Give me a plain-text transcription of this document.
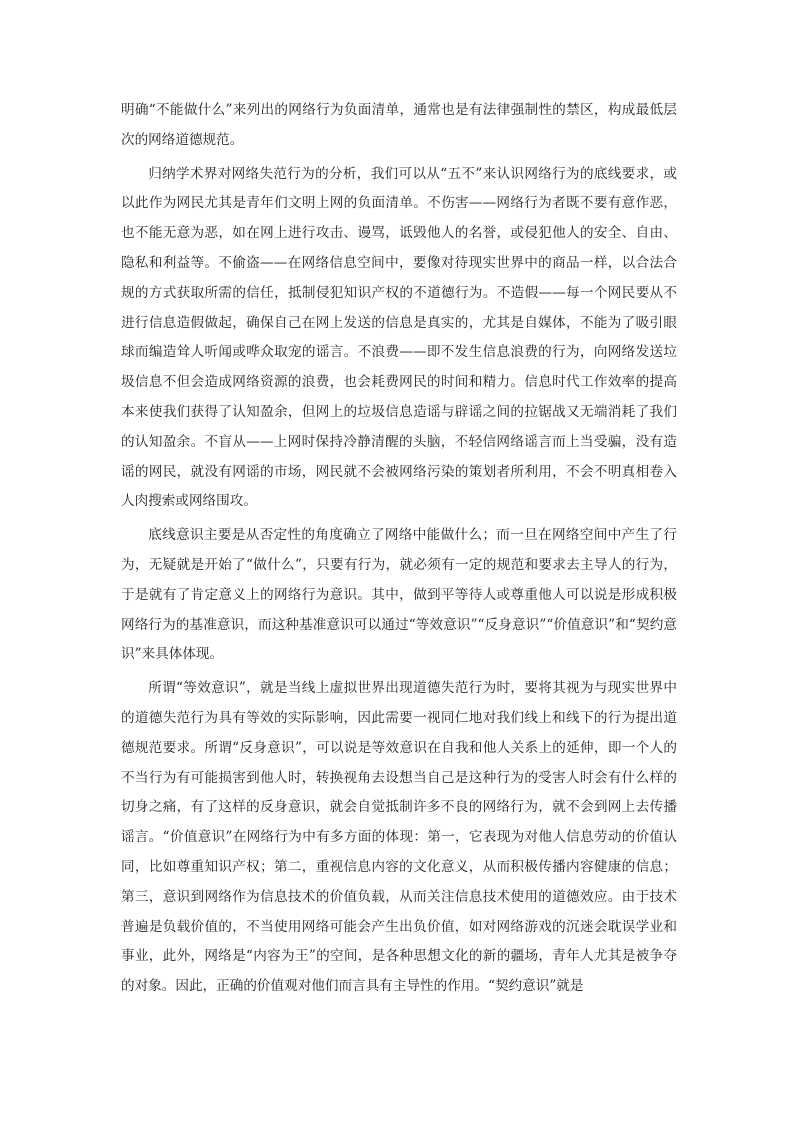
明确“不能做什么”来列出的网络行为负面清单，通常也是有法律强制性的禁区，构成最低层次的网络道德规范。

归纳学术界对网络失范行为的分析，我们可以从“五不”来认识网络行为的底线要求，或以此作为网民尤其是青年们文明上网的负面清单。不伤害——网络行为者既不要有意作恶，也不能无意为恶，如在网上进行攻击、谩骂，诋毁他人的名誉，或侵犯他人的安全、自由、隐私和利益等。不偷盗——在网络信息空间中，要像对待现实世界中的商品一样，以合法合规的方式获取所需的信任，抵制侵犯知识产权的不道德行为。不造假——每一个网民要从不进行信息造假做起，确保自己在网上发送的信息是真实的，尤其是自媒体，不能为了吸引眼球而编造耸人听闻或哗众取宠的谣言。不浪费——即不发生信息浪费的行为，向网络发送垃圾信息不但会造成网络资源的浪费，也会耗费网民的时间和精力。信息时代工作效率的提高本来使我们获得了认知盈余，但网上的垃圾信息造谣与辟谣之间的拉锯战又无端消耗了我们的认知盈余。不盲从——上网时保持冷静清醒的头脑，不轻信网络谣言而上当受骗，没有造谣的网民，就没有网谣的市场，网民就不会被网络污染的策划者所利用，不会不明真相卷入人肉搜索或网络围攻。

底线意识主要是从否定性的角度确立了网络中能做什么；而一旦在网络空间中产生了行为，无疑就是开始了“做什么”，只要有行为，就必须有一定的规范和要求去主导人的行为，于是就有了肯定意义上的网络行为意识。其中，做到平等待人或尊重他人可以说是形成积极网络行为的基准意识，而这种基准意识可以通过“等效意识”“反身意识”“价值意识”和“契约意识”来具体体现。

所谓“等效意识”，就是当线上虚拟世界出现道德失范行为时，要将其视为与现实世界中的道德失范行为具有等效的实际影响，因此需要一视同仁地对我们线上和线下的行为提出道德规范要求。所谓“反身意识”，可以说是等效意识在自我和他人关系上的延伸，即一个人的不当行为有可能损害到他人时，转换视角去设想当自己是这种行为的受害人时会有什么样的切身之痛，有了这样的反身意识，就会自觉抵制许多不良的网络行为，就不会到网上去传播谣言。“价值意识”在网络行为中有多方面的体现：第一，它表现为对他人信息劳动的价值认同，比如尊重知识产权；第二，重视信息内容的文化意义，从而积极传播内容健康的信息；第三，意识到网络作为信息技术的价值负载，从而关注信息技术使用的道德效应。由于技术普遍是负载价值的，不当使用网络可能会产生出负价值，如对网络游戏的沉迷会耽误学业和事业，此外，网络是“内容为王”的空间，是各种思想文化的新的疆场，青年人尤其是被争夺的对象。因此，正确的价值观对他们而言具有主导性的作用。“契约意识”就是
